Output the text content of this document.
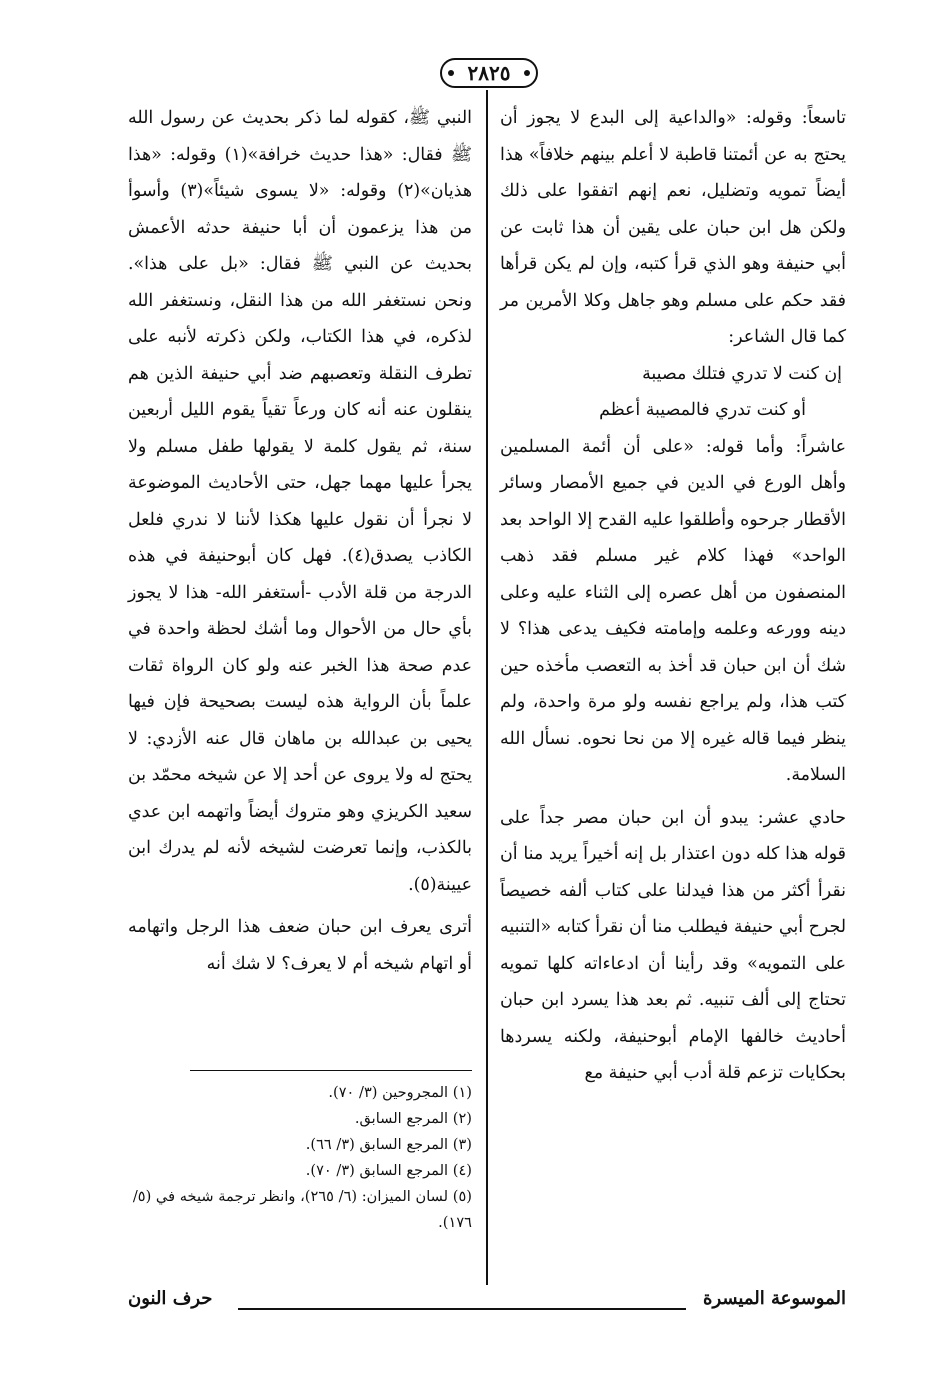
٢٨٢٥

تاسعاً: وقوله: «والداعية إلى البدع لا يجوز أن يحتج به عن أئمتنا قاطبة لا أعلم بينهم خلافاً» هذا أيضاً تمويه وتضليل، نعم إنهم اتفقوا على ذلك ولكن هل ابن حبان على يقين أن هذا ثابت عن أبي حنيفة وهو الذي قرأ كتبه، وإن لم يكن قرأها فقد حكم على مسلم وهو جاهل وكلا الأمرين مر كما قال الشاعر:

إن كنت لا تدري فتلك مصيبة

أو كنت تدري فالمصيبة أعظم

عاشراً: وأما قوله: «على أن أئمة المسلمين وأهل الورع في الدين في جميع الأمصار وسائر الأقطار جرحوه وأطلقوا عليه القدح إلا الواحد بعد الواحد» فهذا كلام غير مسلم فقد ذهب المنصفون من أهل عصره إلى الثناء عليه وعلى دينه وورعه وعلمه وإمامته فكيف يدعى هذا؟ لا شك أن ابن حبان قد أخذ به التعصب مأخذه حين كتب هذا، ولم يراجع نفسه ولو مرة واحدة، ولم ينظر فيما قاله غيره إلا من نحا نحوه. نسأل الله السلامة.

حادي عشر: يبدو أن ابن حبان مصر جداً على قوله هذا كله دون اعتذار بل إنه أخيراً يريد منا أن نقرأ أكثر من هذا فيدلنا على كتاب ألفه خصيصاً لجرح أبي حنيفة فيطلب منا أن نقرأ كتابه «التنبيه على التمويه» وقد رأينا أن ادعاءاته كلها تمويه تحتاج إلى ألف تنبيه. ثم بعد هذا يسرد ابن حبان أحاديث خالفها الإمام أبوحنيفة، ولكنه يسردها بحكايات تزعم قلة أدب أبي حنيفة مع

النبي ﷺ، كقوله لما ذكر بحديث عن رسول الله ﷺ فقال: «هذا حديث خرافة»(١) وقوله: «هذا هذيان»(٢) وقوله: «لا يسوى شيئاً»(٣) وأسوأ من هذا يزعمون أن أبا حنيفة حدثه الأعمش بحديث عن النبي ﷺ فقال: «بل على هذا». ونحن نستغفر الله من هذا النقل، ونستغفر الله لذكره، في هذا الكتاب، ولكن ذكرته لأنبه على تطرف النقلة وتعصبهم ضد أبي حنيفة الذين هم ينقلون عنه أنه كان ورعاً تقياً يقوم الليل أربعين سنة، ثم يقول كلمة لا يقولها طفل مسلم ولا يجرأ عليها مهما جهل، حتى الأحاديث الموضوعة لا نجرأ أن نقول عليها هكذا لأننا لا ندري فلعل الكاذب يصدق(٤). فهل كان أبوحنيفة في هذه الدرجة من قلة الأدب -أستغفر الله- هذا لا يجوز بأي حال من الأحوال وما أشك لحظة واحدة في عدم صحة هذا الخبر عنه ولو كان الرواة ثقات علماً بأن الرواية هذه ليست بصحيحة فإن فيها يحيى بن عبدالله بن ماهان قال عنه الأزدي: لا يحتج له ولا يروى عن أحد إلا عن شيخه محمّد بن سعيد الكريزي وهو متروك أيضاً واتهمه ابن عدي بالكذب، وإنما تعرضت لشيخه لأنه لم يدرك ابن عيينة(٥).

أترى يعرف ابن حبان ضعف هذا الرجل واتهامه أو اتهام شيخه أم لا يعرف؟ لا شك أنه

(١) المجروحين (٣/ ٧٠).
(٢) المرجع السابق.
(٣) المرجع السابق (٣/ ٦٦).
(٤) المرجع السابق (٣/ ٧٠).
(٥) لسان الميزان: (٦/ ٢٦٥)، وانظر ترجمة شيخه في (٥/ ١٧٦).
الموسوعة الميسرة
حرف النون
